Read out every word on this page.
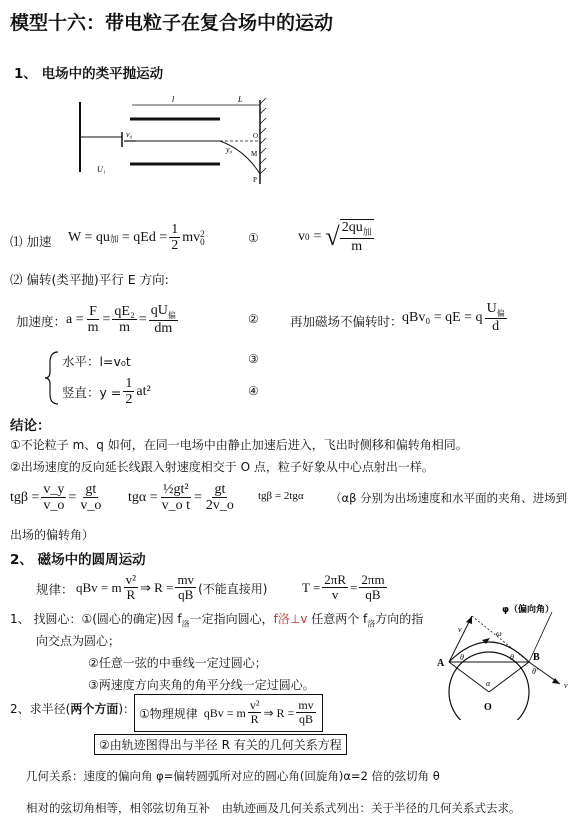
模型十六：带电粒子在复合场中的运动
1、 电场中的类平抛运动
l	L
v₀
y₀
O
M
P
U₁
⑴ 加速 W = qu 加 = qEd = $\frac{1}{2}$ mv 2
0	①	v 0 = √ $\frac{2qu_加}{m}$
⑵ 偏转(类平抛)平行 E 方向:
加速度： $a = \frac{F}{m} = \frac{\text{qE₂}}{m} = \frac{qU_偏}{dm}$	② 再加磁场不偏转时： qBv₀ = qE = q $\frac{U_偏}{d}$
水平：l=v₀t	③
竖直：$y = \frac{1}{2} at^2$	④
结论：
①不论粒子 m、q 如何，在同一电场中由静止加速后进入，飞出时侧移和偏转角相同。
②出场速度的反向延长线跟入射速度相交于 O 点，粒子好象从中心点射出一样。
$tg\beta = \frac{v\_y}{v\_o} = \frac{gt}{v\_o}$ $tg\alpha = \frac{\text{½gt²}}{\text{v\_o t}} = \frac{gt}{2v\_o}$ tgβ = 2tgα （αβ 分别为出场速度和水平面的夹角、进场到
出场的偏转角）
2、 磁场中的圆周运动
规律： qBv = m $\frac{\text{v²}}{R}$ ⇒ $R = \frac{mv}{qB}$ (不能直接用)	$T = \frac{2\pi R}{v} = \frac{2\pi m}{qB}$
1、 找圆心：①(圆心的确定)因 $f_洛$一定指向圆心，f洛⊥v 任意两个 $f_洛$方向的指
向交点为圆心；
②任意一弦的中垂线一定过圆心；
③两速度方向夹角的角平分线一定过圆心。
2、求半径(两个方面)： ①物理规律 qBv = m $\frac{\text{v²}}{R}$ ⇒ $R = \frac{mv}{qB}$
②由轨迹图得出与半径 R 有关的几何关系方程
几何关系：速度的偏向角 φ=偏转圆弧所对应的圆心角(回旋角)α=2 倍的弦切角 θ
相对的弦切角相等，相邻弦切角互补　由轨迹画及几何关系式列出：关于半径的几何关系式去求。
φ（偏向角）
A
B
O
α
θ	θ
θ'
ω
v
v
